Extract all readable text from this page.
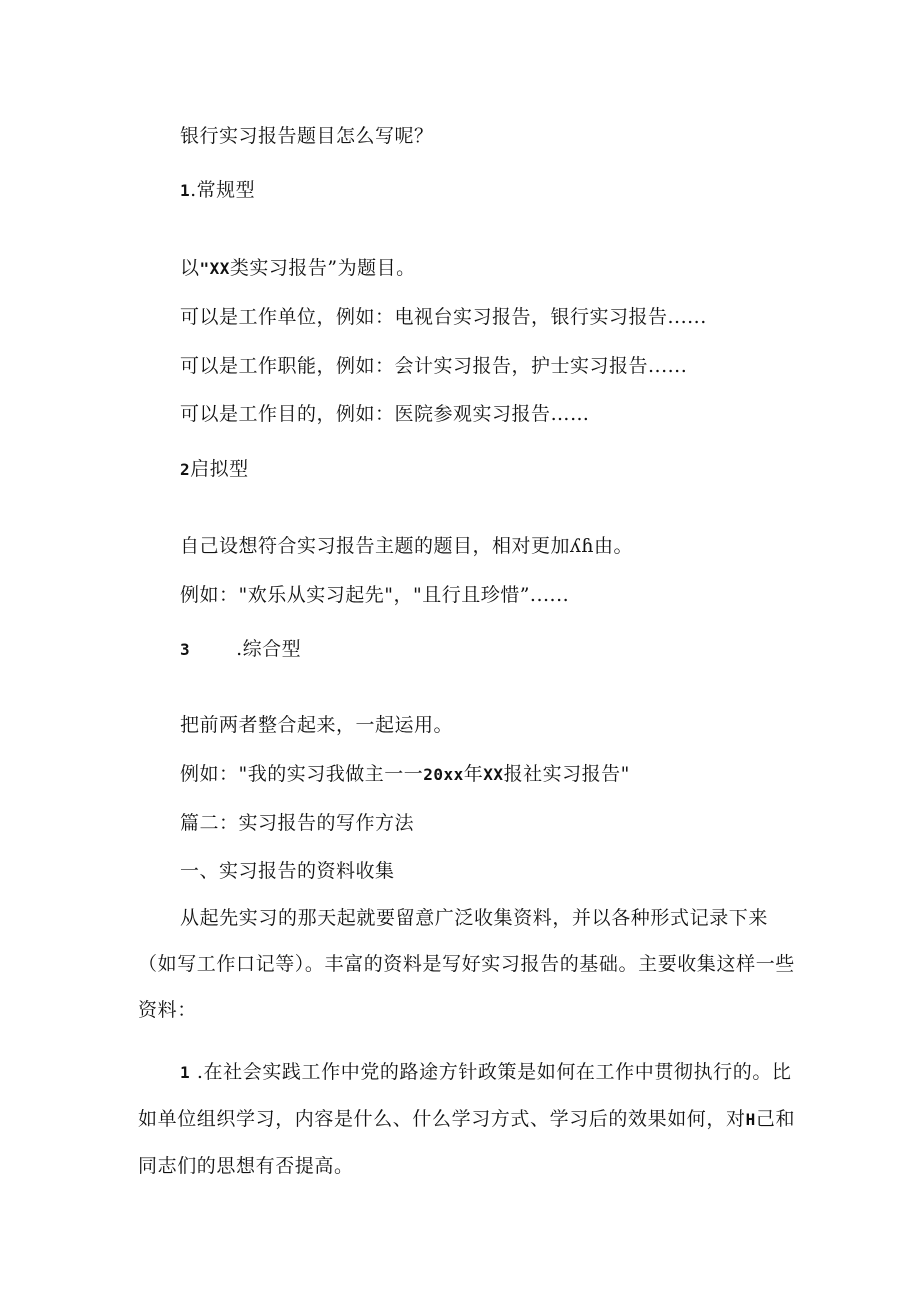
银行实习报告题目怎么写呢？
1.常规型
以"XX类实习报告”为题目。
可以是工作单位，例如：电视台实习报告，银行实习报告......
可以是工作职能，例如：会计实习报告，护士实习报告......
可以是工作目的，例如：医院参观实习报告……
2启拟型
自己设想符合实习报告主题的题目，相对更加ʎɦ由。
例如："欢乐从实习起先"，"且行且珍惜”......
3 .综合型
把前两者整合起来，一起运用。
例如："我的实习我做主一一20xx年XX报社实习报告"
篇二：实习报告的写作方法
一、实习报告的资料收集
从起先实习的那天起就要留意广泛收集资料，并以各种形式记录下来（如写工作口记等）。丰富的资料是写好实习报告的基础。主要收集这样一些资料：
1 .在社会实践工作中党的路途方针政策是如何在工作中贯彻执行的。比如单位组织学习，内容是什么、什么学习方式、学习后的效果如何，对H己和同志们的思想有否提高。
